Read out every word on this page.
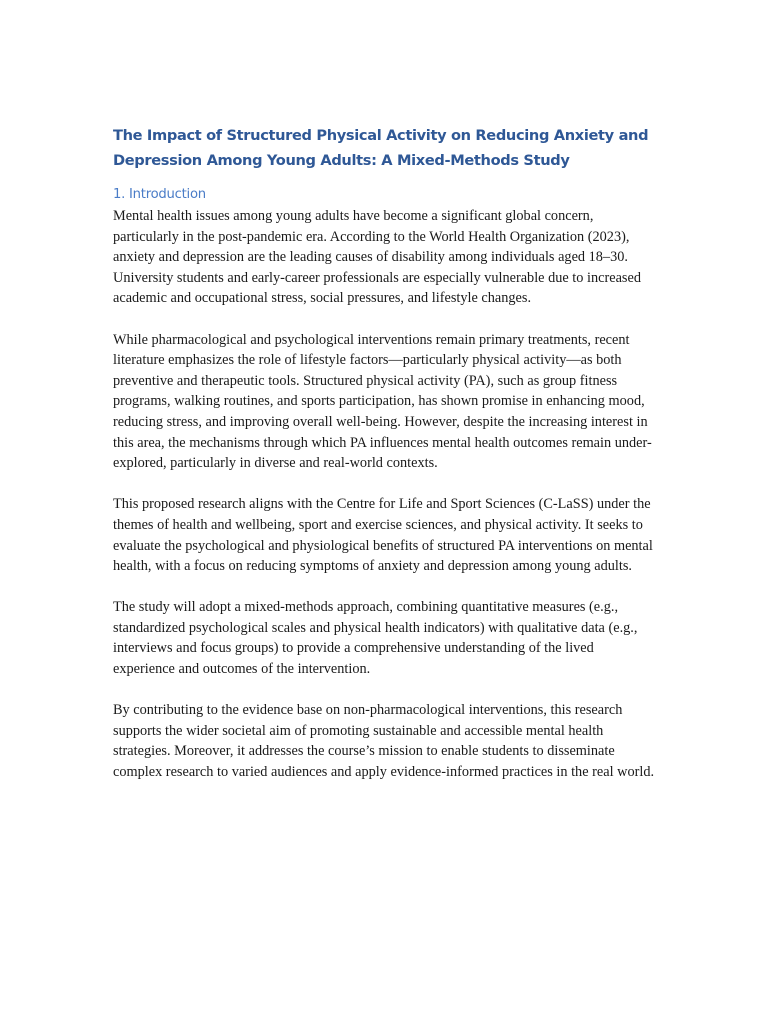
The Impact of Structured Physical Activity on Reducing Anxiety and Depression Among Young Adults: A Mixed-Methods Study
1. Introduction

Mental health issues among young adults have become a significant global concern, particularly in the post-pandemic era. According to the World Health Organization (2023), anxiety and depression are the leading causes of disability among individuals aged 18–30. University students and early-career professionals are especially vulnerable due to increased academic and occupational stress, social pressures, and lifestyle changes.

While pharmacological and psychological interventions remain primary treatments, recent literature emphasizes the role of lifestyle factors—particularly physical activity—as both preventive and therapeutic tools. Structured physical activity (PA), such as group fitness programs, walking routines, and sports participation, has shown promise in enhancing mood, reducing stress, and improving overall well-being. However, despite the increasing interest in this area, the mechanisms through which PA influences mental health outcomes remain under-explored, particularly in diverse and real-world contexts.

This proposed research aligns with the Centre for Life and Sport Sciences (C-LaSS) under the themes of health and wellbeing, sport and exercise sciences, and physical activity. It seeks to evaluate the psychological and physiological benefits of structured PA interventions on mental health, with a focus on reducing symptoms of anxiety and depression among young adults.

The study will adopt a mixed-methods approach, combining quantitative measures (e.g., standardized psychological scales and physical health indicators) with qualitative data (e.g., interviews and focus groups) to provide a comprehensive understanding of the lived experience and outcomes of the intervention.

By contributing to the evidence base on non-pharmacological interventions, this research supports the wider societal aim of promoting sustainable and accessible mental health strategies. Moreover, it addresses the course’s mission to enable students to disseminate complex research to varied audiences and apply evidence-informed practices in the real world.
